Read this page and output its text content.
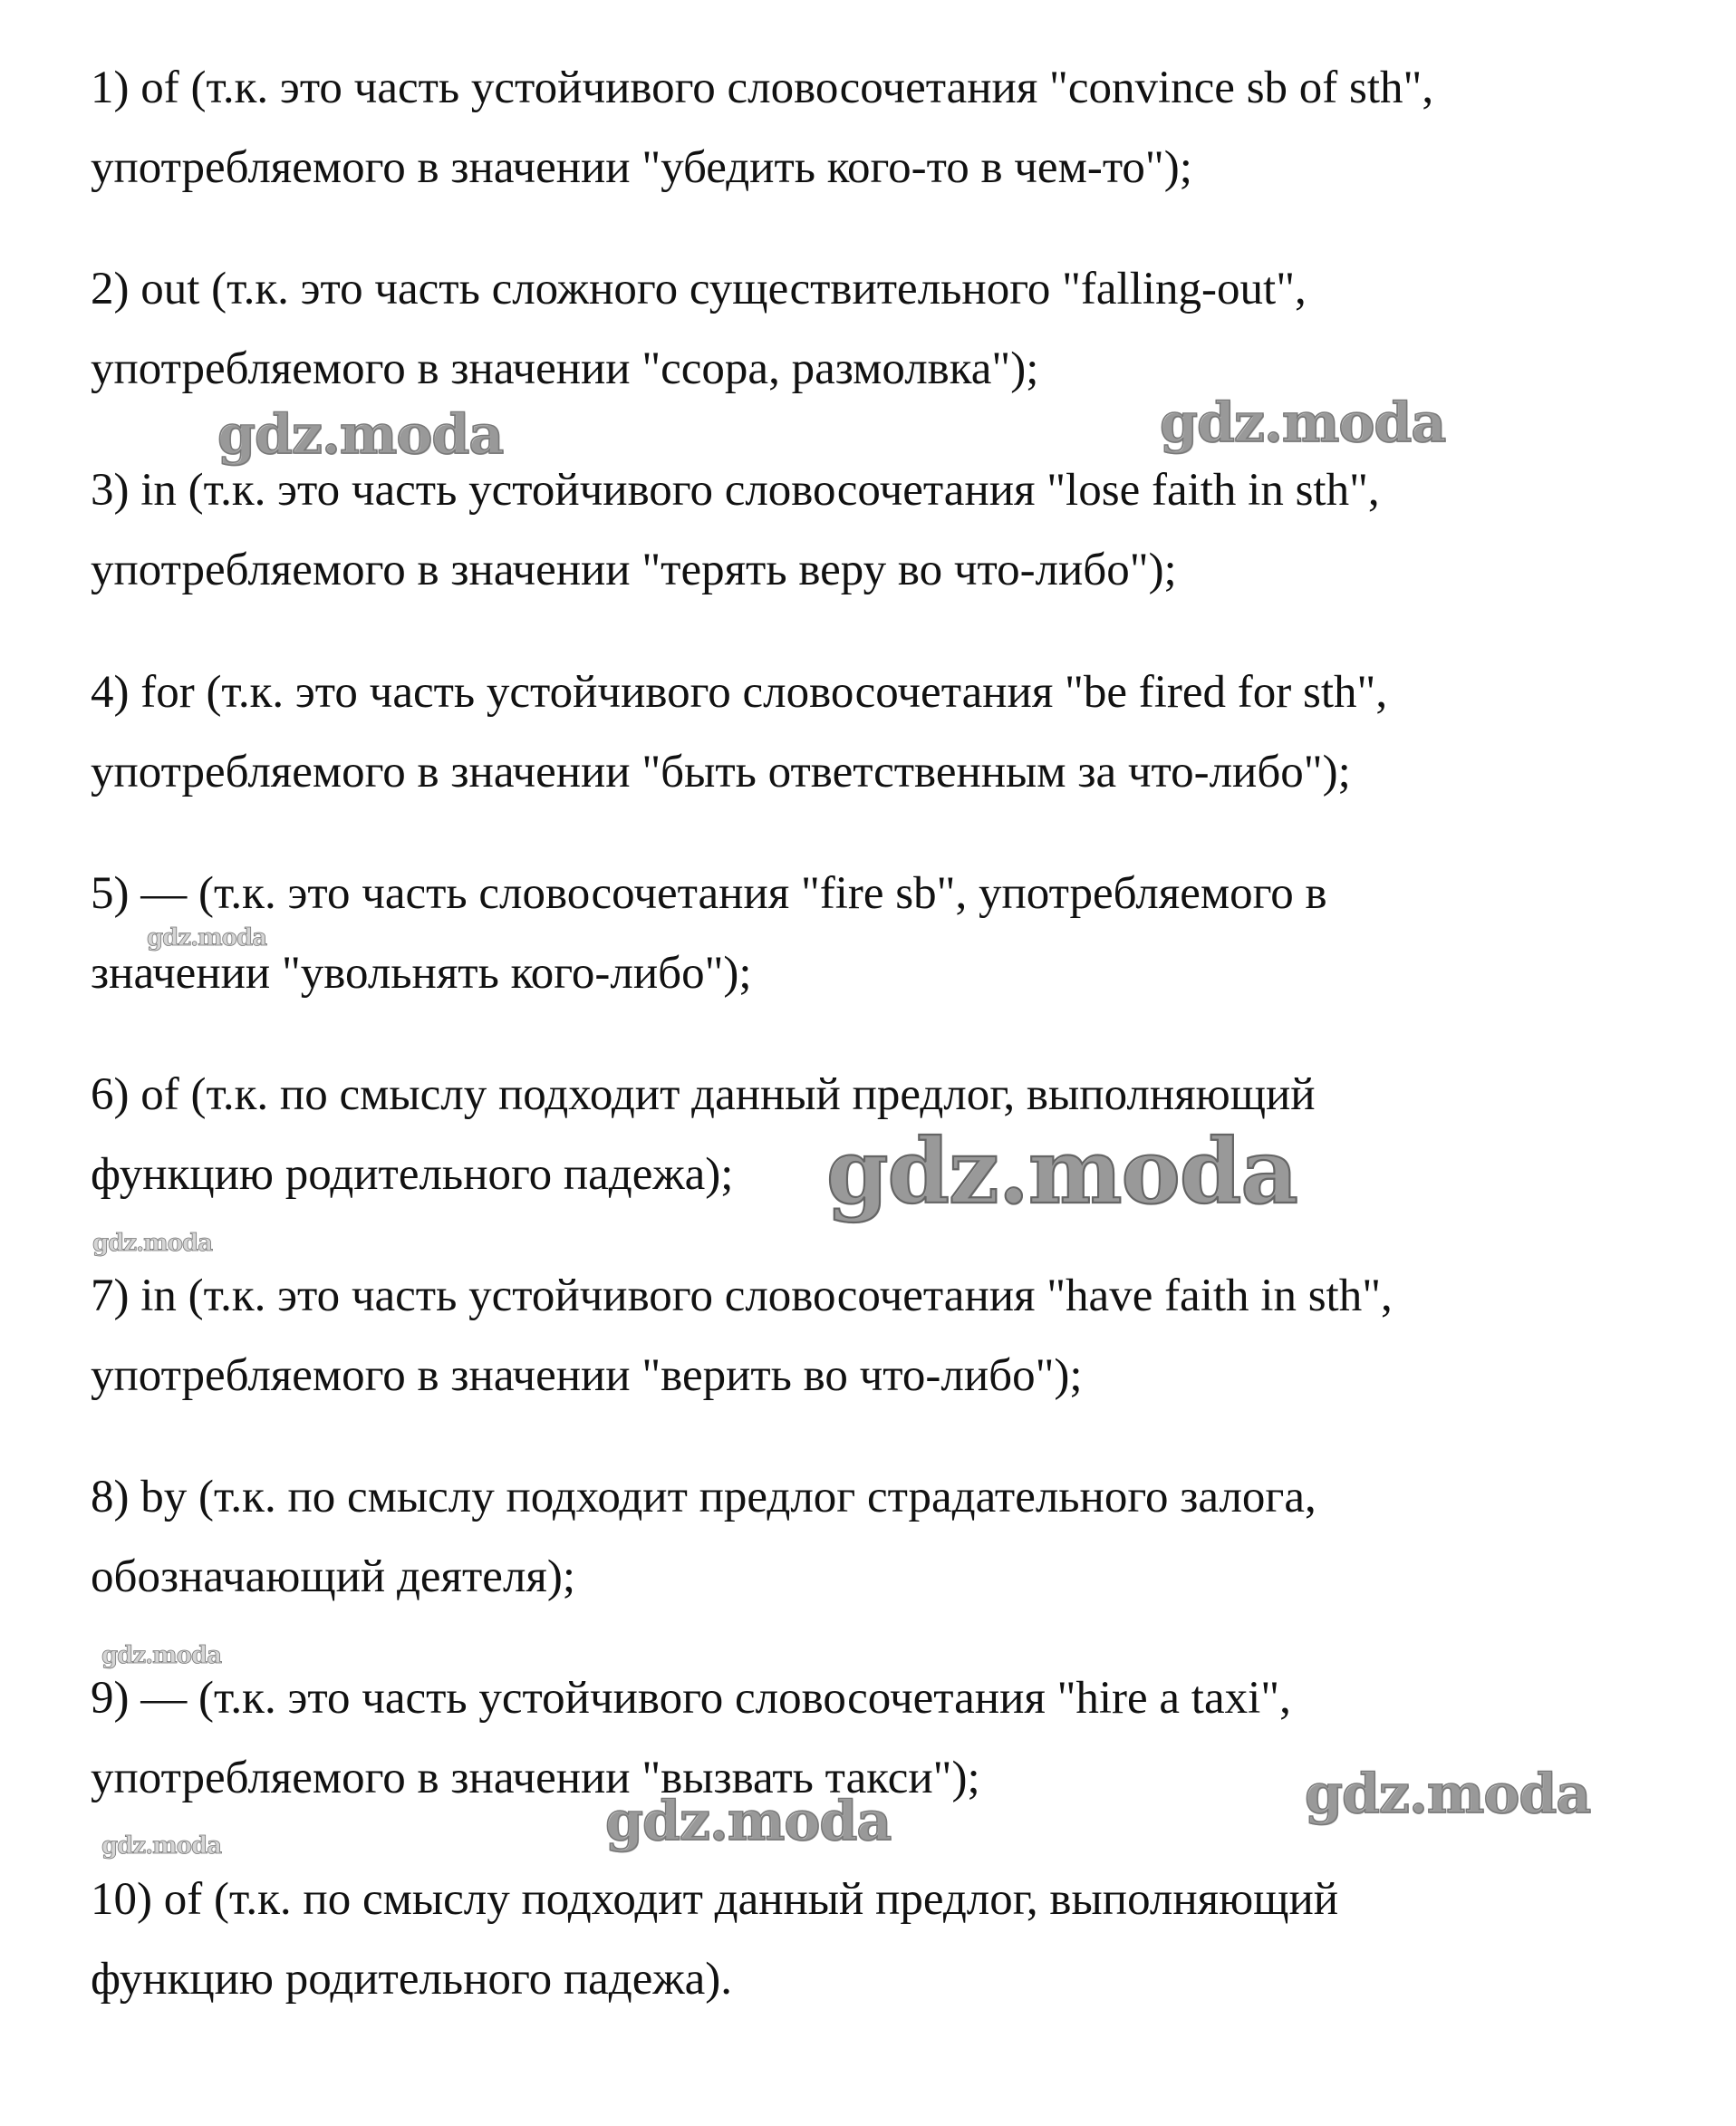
1) of (т.к. это часть устойчивого словосочетания "convince sb of sth",
употребляемого в значении "убедить кого-то в чем-то");
2) out (т.к. это часть сложного существительного "falling-out",
употребляемого в значении "ссора, размолвка");
3) in (т.к. это часть устойчивого словосочетания "lose faith in sth",
употребляемого в значении "терять веру во что-либо");
4) for (т.к. это часть устойчивого словосочетания "be fired for sth",
употребляемого в значении "быть ответственным за что-либо");
5) — (т.к. это часть словосочетания "fire sb", употребляемого в
значении "увольнять кого-либо");
6) of (т.к. по смыслу подходит данный предлог, выполняющий
функцию родительного падежа);
7) in (т.к. это часть устойчивого словосочетания "have faith in sth",
употребляемого в значении "верить во что-либо");
8) by (т.к. по смыслу подходит предлог страдательного залога,
обозначающий деятеля);
9) — (т.к. это часть устойчивого словосочетания "hire a taxi",
употребляемого в значении "вызвать такси");
10) of (т.к. по смыслу подходит данный предлог, выполняющий
функцию родительного падежа).
gdz.moda	gdz.moda
gdz.moda
gdz.moda
gdz.moda
gdz.moda
gdz.moda
gdz.moda
gdz.moda
